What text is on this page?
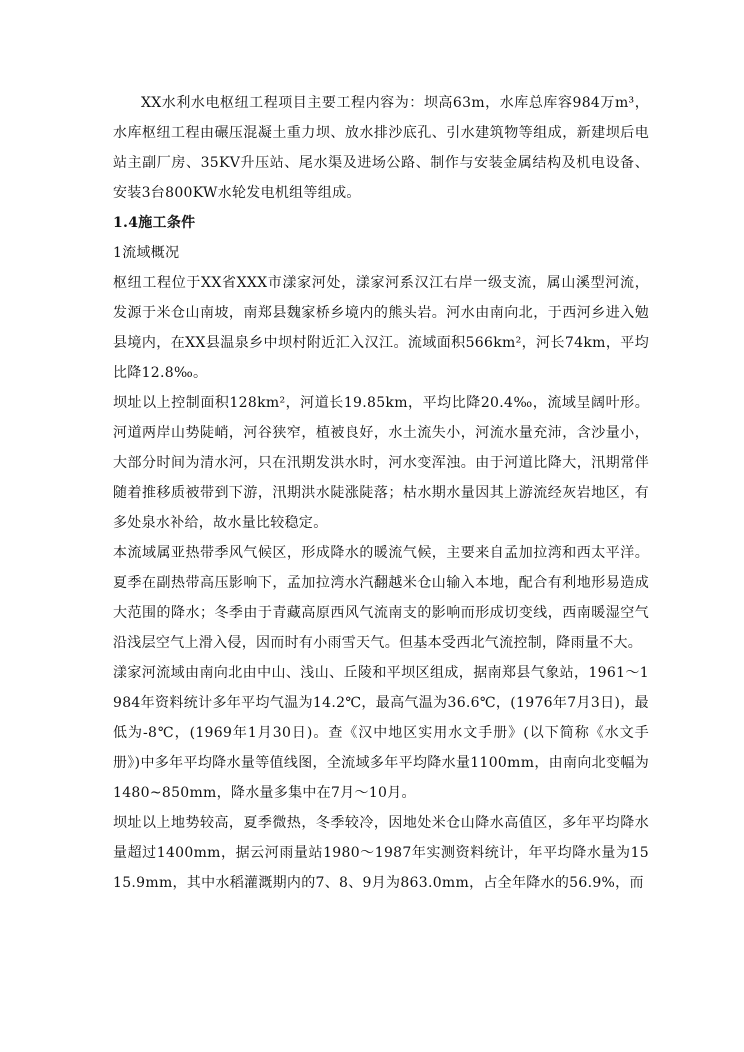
XX水利水电枢纽工程项目主要工程内容为：坝高63m，水库总库容984万m³，水库枢纽工程由碾压混凝土重力坝、放水排沙底孔、引水建筑物等组成，新建坝后电站主副厂房、35KV升压站、尾水渠及进场公路、制作与安装金属结构及机电设备、安装3台800KW水轮发电机组等组成。

1.4施工条件

1流域概况

枢纽工程位于XX省XXX市漾家河处，漾家河系汉江右岸一级支流，属山溪型河流，发源于米仓山南坡，南郑县魏家桥乡境内的熊头岩。河水由南向北，于西河乡进入勉县境内，在XX县温泉乡中坝村附近汇入汉江。流域面积566km²，河长74km，平均比降12.8‰。

坝址以上控制面积128km²，河道长19.85km，平均比降20.4‰，流域呈阔叶形。河道两岸山势陡峭，河谷狭窄，植被良好，水土流失小，河流水量充沛，含沙量小，大部分时间为清水河，只在汛期发洪水时，河水变浑浊。由于河道比降大，汛期常伴随着推移质被带到下游，汛期洪水陡涨陡落；枯水期水量因其上游流经灰岩地区，有多处泉水补给，故水量比较稳定。

本流域属亚热带季风气候区，形成降水的暖流气候，主要来自孟加拉湾和西太平洋。夏季在副热带高压影响下，孟加拉湾水汽翻越米仓山输入本地，配合有利地形易造成大范围的降水；冬季由于青藏高原西风气流南支的影响而形成切变线，西南暖湿空气沿浅层空气上滑入侵，因而时有小雨雪天气。但基本受西北气流控制，降雨量不大。

漾家河流域由南向北由中山、浅山、丘陵和平坝区组成，据南郑县气象站，1961～1984年资料统计多年平均气温为14.2℃，最高气温为36.6℃，(1976年7月3日)，最低为-8℃，(1969年1月30日)。查《汉中地区实用水文手册》(以下简称《水文手册》)中多年平均降水量等值线图，全流域多年平均降水量1100mm，由南向北变幅为1480~850mm，降水量多集中在7月～10月。

坝址以上地势较高，夏季微热，冬季较冷，因地处米仓山降水高值区，多年平均降水量超过1400mm，据云河雨量站1980～1987年实测资料统计，年平均降水量为1515.9mm，其中水稻灌溉期内的7、8、9月为863.0mm，占全年降水的56.9%，而
